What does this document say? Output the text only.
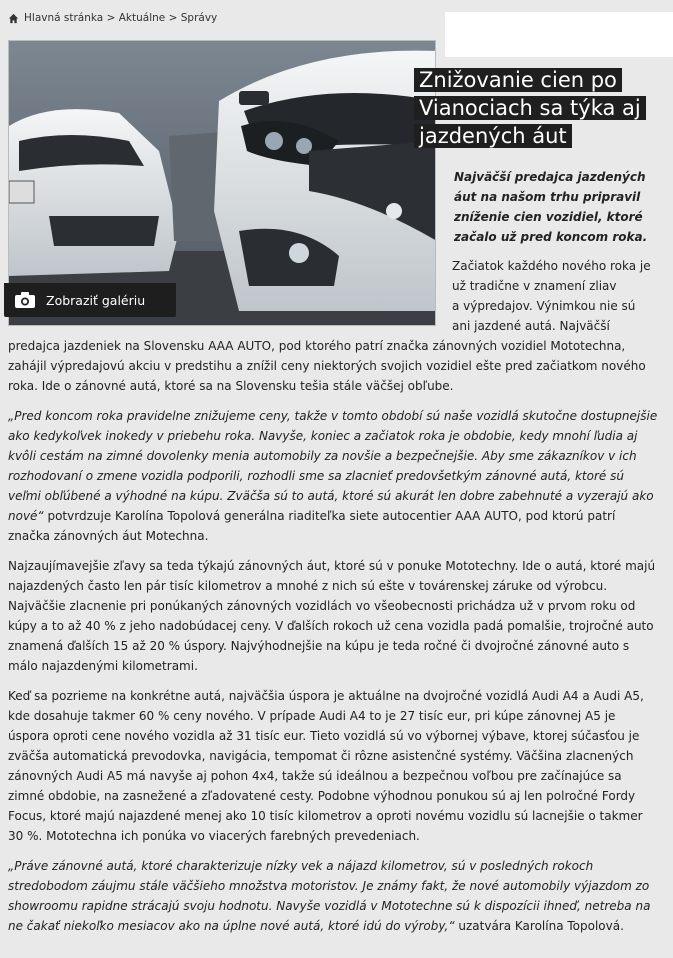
Hlavná stránka > Aktuálne > Správy
Zobraziť galériu
Znižovanie cien po Vianociach sa týka aj jazdených áut
Najväčší predajca jazdených áut na našom trhu pripravil zníženie cien vozidiel, ktoré začalo už pred koncom roka.

Začiatok každého nového roka je
už tradične v znamení zliav
a výpredajov. Výnimkou nie sú
ani jazdené autá. Najväčší
predajca jazdeniek na Slovensku AAA AUTO, pod ktorého patrí značka zánovných vozidiel Mototechna, zahájil výpredajovú akciu v predstihu a znížil ceny niektorých svojich vozidiel ešte pred začiatkom nového roka. Ide o zánovné autá, ktoré sa na Slovensku tešia stále väčšej obľube.

„Pred koncom roka pravidelne znižujeme ceny, takže v tomto období sú naše vozidlá skutočne dostupnejšie ako kedykoľvek inokedy v priebehu roka. Navyše, koniec a začiatok roka je obdobie, kedy mnohí ľudia aj kvôli cestám na zimné dovolenky menia automobily za novšie a bezpečnejšie. Aby sme zákazníkov v ich rozhodovaní o zmene vozidla podporili, rozhodli sme sa zlacnieť predovšetkým zánovné autá, ktoré sú veľmi obľúbené a výhodné na kúpu. Zväčša sú to autá, ktoré sú akurát len dobre zabehnuté a vyzerajú ako nové“ potvrdzuje Karolína Topolová generálna riaditeľka siete autocentier AAA AUTO, pod ktorú patrí značka zánovných áut Motechna.

Najzaujímavejšie zľavy sa teda týkajú zánovných áut, ktoré sú v ponuke Mototechny. Ide o autá, ktoré majú najazdených často len pár tisíc kilometrov a mnohé z nich sú ešte v továrenskej záruke od výrobcu. Najväčšie zlacnenie pri ponúkaných zánovných vozidlách vo všeobecnosti prichádza už v prvom roku od kúpy a to až 40 % z jeho nadobúdacej ceny. V ďalších rokoch už cena vozidla padá pomalšie, trojročné auto znamená ďalších 15 až 20 % úspory. Najvýhodnejšie na kúpu je teda ročné či dvojročné zánovné auto s málo najazdenými kilometrami.

Keď sa pozrieme na konkrétne autá, najväčšia úspora je aktuálne na dvojročné vozidlá Audi A4 a Audi A5, kde dosahuje takmer 60 % ceny nového. V prípade Audi A4 to je 27 tisíc eur, pri kúpe zánovnej A5 je úspora oproti cene nového vozidla až 31 tisíc eur. Tieto vozidlá sú vo výbornej výbave, ktorej súčasťou je zväčša automatická prevodovka, navigácia, tempomat či rôzne asistenčné systémy. Väčšina zlacnených zánovných Audi A5 má navyše aj pohon 4x4, takže sú ideálnou a bezpečnou voľbou pre začínajúce sa zimné obdobie, na zasnežené a zľadovatené cesty. Podobne výhodnou ponukou sú aj len polročné Fordy Focus, ktoré majú najazdené menej ako 10 tisíc kilometrov a oproti novému vozidlu sú lacnejšie o takmer 30 %. Mototechna ich ponúka vo viacerých farebných prevedeniach.

„Práve zánovné autá, ktoré charakterizuje nízky vek a nájazd kilometrov, sú v posledných rokoch stredobodom záujmu stále väčšieho množstva motoristov. Je známy fakt, že nové automobily výjazdom zo showroomu rapidne strácajú svoju hodnotu. Navyše vozidlá v Mototechne sú k dispozícii ihneď, netreba na ne čakať niekoľko mesiacov ako na úplne nové autá, ktoré idú do výroby,“ uzatvára Karolína Topolová.
